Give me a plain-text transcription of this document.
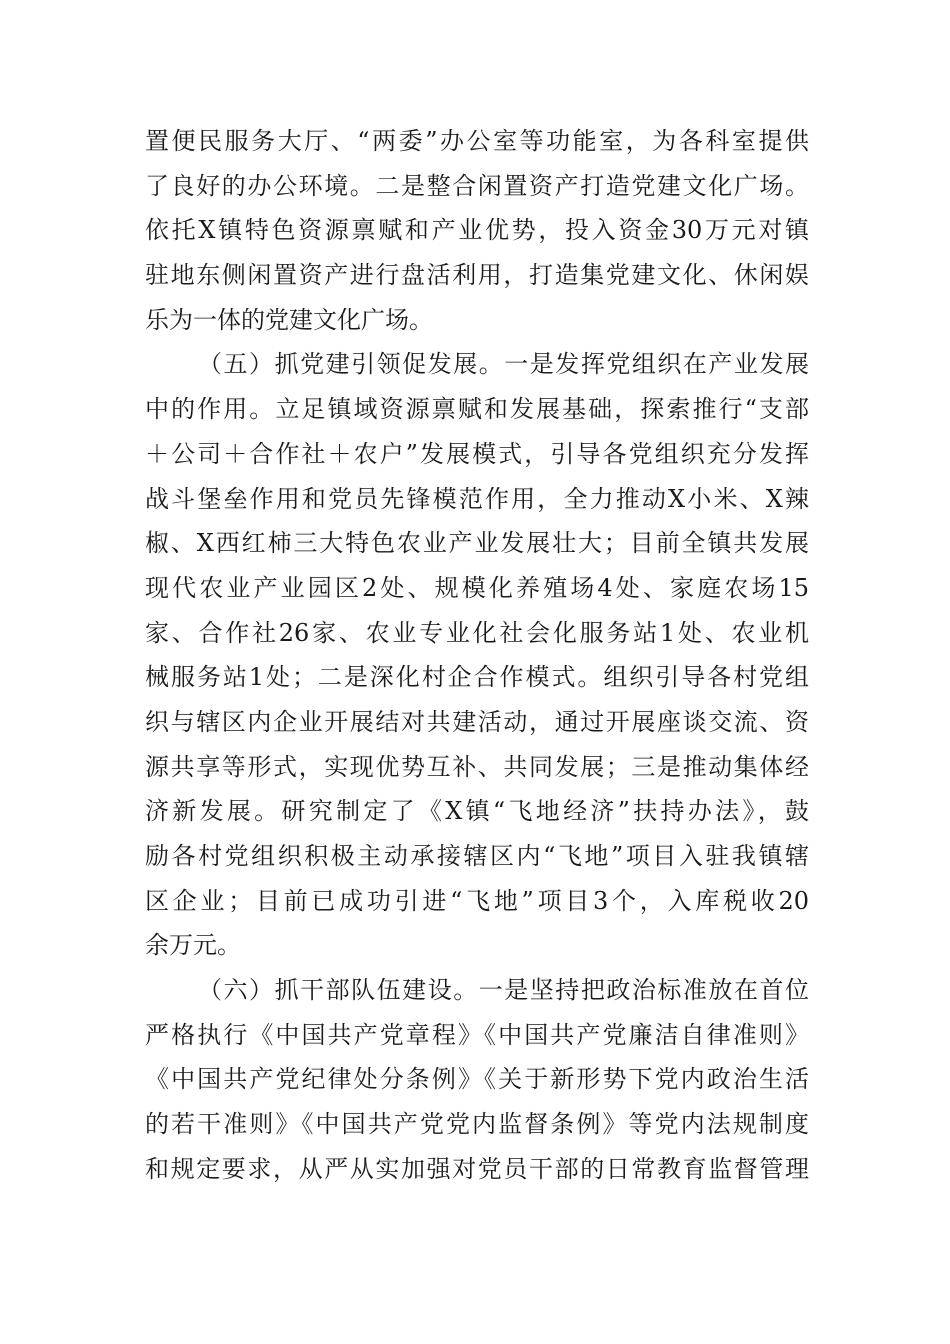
置便民服务大厅、“两委”办公室等功能室，为各科室提供
了良好的办公环境。二是整合闲置资产打造党建文化广场。
依托X镇特色资源禀赋和产业优势，投入资金30万元对镇
驻地东侧闲置资产进行盘活利用，打造集党建文化、休闲娱
乐为一体的党建文化广场。
（五）抓党建引领促发展。一是发挥党组织在产业发展
中的作用。立足镇域资源禀赋和发展基础，探索推行“支部
＋公司＋合作社＋农户”发展模式，引导各党组织充分发挥
战斗堡垒作用和党员先锋模范作用，全力推动X小米、X辣
椒、X西红柿三大特色农业产业发展壮大；目前全镇共发展
现代农业产业园区2处、规模化养殖场4处、家庭农场15
家、合作社26家、农业专业化社会化服务站1处、农业机
械服务站1处；二是深化村企合作模式。组织引导各村党组
织与辖区内企业开展结对共建活动，通过开展座谈交流、资
源共享等形式，实现优势互补、共同发展；三是推动集体经
济新发展。研究制定了《X镇“飞地经济”扶持办法》，鼓
励各村党组织积极主动承接辖区内“飞地”项目入驻我镇辖
区企业；目前已成功引进“飞地”项目3个，入库税收20
余万元。
（六）抓干部队伍建设。一是坚持把政治标准放在首位
严格执行《中国共产党章程》《中国共产党廉洁自律准则》
《中国共产党纪律处分条例》《关于新形势下党内政治生活
的若干准则》《中国共产党党内监督条例》等党内法规制度
和规定要求，从严从实加强对党员干部的日常教育监督管理
